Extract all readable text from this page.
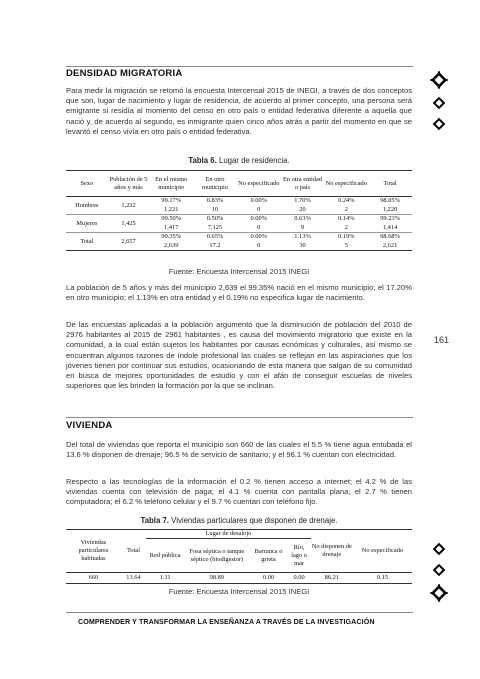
DENSIDAD MIGRATORIA
Para medir la migración se retomó la encuesta Intercensal 2015 de INEGI, a través de dos conceptos que son, lugar de nacimiento y lugar de residencia, de acuerdo al primer concepto, una persona será emigrante si residía al momento del censo en otro país o entidad federativa diferente a aquella que nació y, de acuerdo al segundo, es inmigrante quien cinco años atrás a partir del momento en que se levantó el censo vivía en otro país o entidad federativa.
Tabla 6. Lugar de residencia.
Sexo	Población de 5 años y más	En el mismo municipio	En otro municipio	No especificado	En otra entidad o país	No especificado	Total
Hombres	1,232	99.17%	0.83%	0.00%	1.70%	0.24%	98.05%
		1,221	10	0	20	2	1,220
Mujeres	1,425	99.50%	0.50%	0.00%	0.63%	0.14%	99.23%
		1,417	7.125	0	9	2	1,414
Total	2,657	99.35%	0.65%	0.00%	1.13%	0.19%	98.68%
		2,639	17.2	0	30	5	2,621
Fuente: Encuesta Intercensal 2015 INEGI
La población de 5 años y más del municipio 2,639 el 99.35% nació en el mismo municipio; el 17.20% en otro municipio; el 1.13% en otra entidad y el 0.19% no especifica lugar de nacimiento.
De las encuestas aplicadas a la población argumentó que la disminución de población del 2010 de 2976 habitantes al 2015 de 2961 habitantes , es causa del movimiento migratorio que existe en la comunidad, a la cual están sujetos los habitantes por causas ecnómicas y culturales, así mismo se encuentran algunos razones de índole profesional las cuales se reflejan en las aspiraciones que los jóvenes tienen por continuar sus estudios, ocasionando de esta manera que salgan de su comunidad en busca de mejores oportunidades de estudio y con el afán de conseguir escuelas de niveles superiores que les brinden la formación por la que se inclinan.
161
VIVIENDA
Del total de viviendas que reporta el municipio son 660 de las cuales el 5.5 % tiene agua entubada el 13.6 % disponen de drenaje; 96.5 % de servicio de sanitario; y el 96.1 % cuentan con electricidad.
Respecto a las tecnologías de la información el 0.2 % tienen acceso a internet; el 4.2 % de las viviendas cuenta con televisión de paga; el 4.1 % cuenta con pantalla plana; el 2.7 % tienen computadora; el 6.2 % teléfono celular y el 9.7 % cuentan con teléfono fijo.
Tabla 7. Viviendas particulares que disponen de drenaje.
Viviendas particulares habitadas	Total	Lugar de desalojo				No disponen de drenaje	No especificado
		Red pública	Fosa séptica o tanque séptico (biodigestor)	Barranca o grieta	Río, lago o mar		
660	13.64	1.11	98.89	0.00	0.00	86.21	0.15
Fuente: Encuesta Intercensal 2015 INEGI
COMPRENDER Y TRANSFORMAR LA ENSEÑANZA A TRAVÉS DE LA INVESTIGACIÓN
